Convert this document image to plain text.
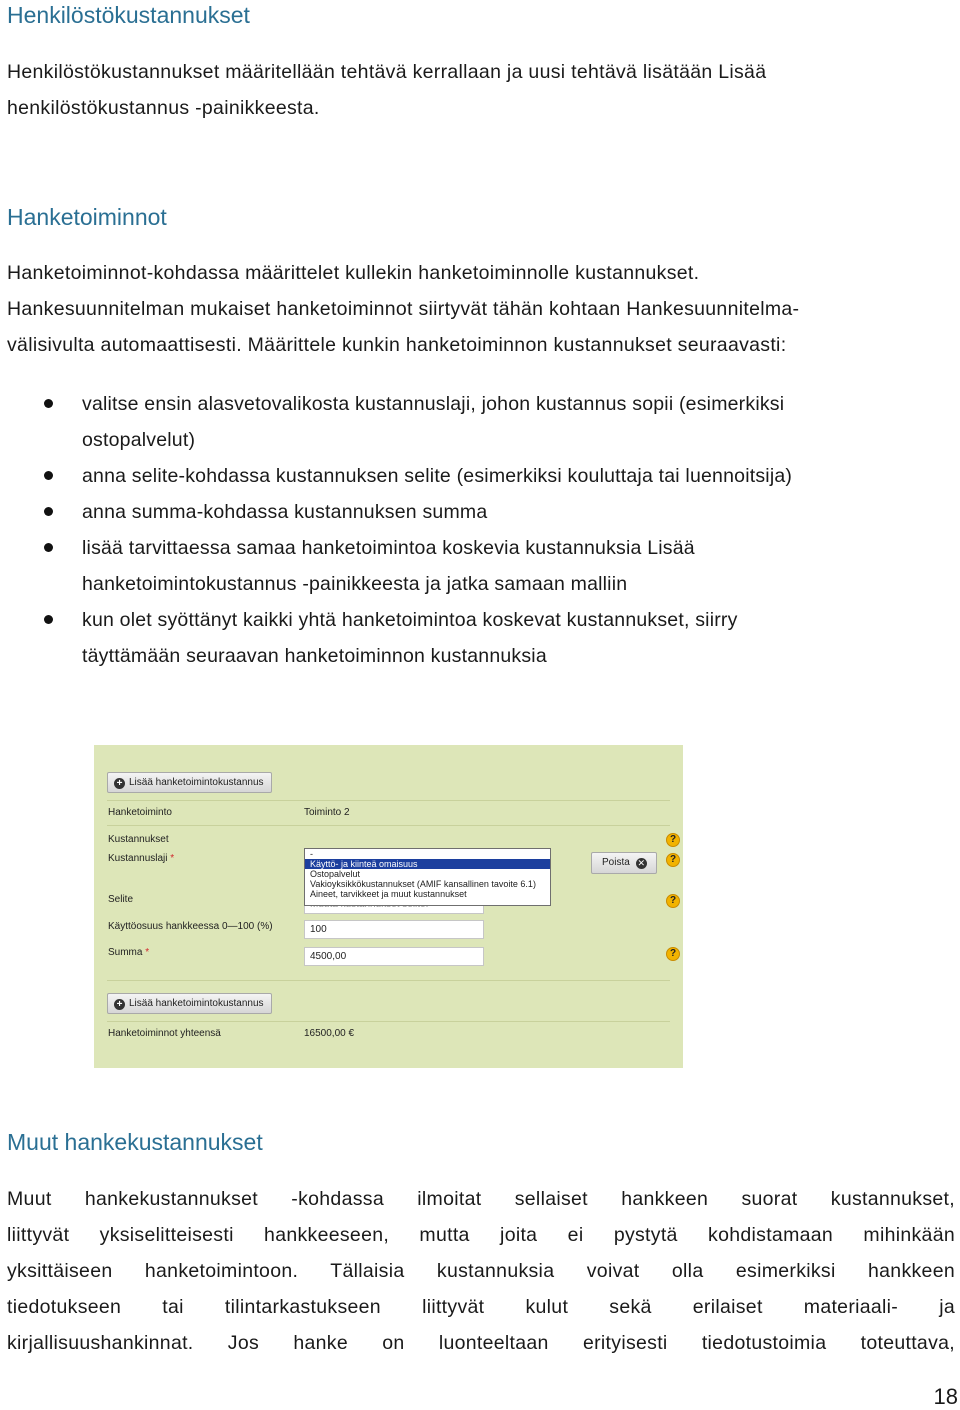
Henkilöstökustannukset
Henkilöstökustannukset määritellään tehtävä kerrallaan ja uusi tehtävä lisätään Lisää
henkilöstökustannus -painikkeesta.
Hanketoiminnot
Hanketoiminnot-kohdassa määrittelet kullekin hanketoiminnolle kustannukset.
Hankesuunnitelman mukaiset hanketoiminnot siirtyvät tähän kohtaan Hankesuunnitelma-
välisivulta automaattisesti. Määrittele kunkin hanketoiminnon kustannukset seuraavasti:
valitse ensin alasvetovalikosta kustannuslaji, johon kustannus sopii (esimerkiksi
ostopalvelut)
anna selite-kohdassa kustannuksen selite (esimerkiksi kouluttaja tai luennoitsija)
anna summa-kohdassa kustannuksen summa
lisää tarvittaessa samaa hanketoimintoa koskevia kustannuksia Lisää
hanketoimintokustannus -painikkeesta ja jatka samaan malliin
kun olet syöttänyt kaikki yhtä hanketoimintoa koskevat kustannukset, siirry
täyttämään seuraavan hanketoiminnon kustannuksia
+ Lisää hanketoimintokustannus
Hanketoiminto	Toiminto 2
Kustannukset	?
Kustannuslaji *	?
-
Käyttö- ja kiinteä omaisuus
Ostopalvelut
Vakioyksikkökustannukset (AMIF kansallinen tavoite 6.1)
Aineet, tarvikkeet ja muut kustannukset
Poista ✕
Selite	?
Käyttöosuus hankkeessa 0—100 (%)	100
Summa *	4500,00	?
+ Lisää hanketoimintokustannus
Hanketoiminnot yhteensä	16500,00 €
Muut hankekustannukset
Muut hankekustannukset -kohdassa ilmoitat sellaiset hankkeen suorat kustannukset,
liittyvät yksiselitteisesti hankkeeseen, mutta joita ei pystytä kohdistamaan mihinkään
yksittäiseen hanketoimintoon. Tällaisia kustannuksia voivat olla esimerkiksi hankkeen
tiedotukseen tai tilintarkastukseen liittyvät kulut sekä erilaiset materiaali- ja
kirjallisuushankinnat. Jos hanke on luonteeltaan erityisesti tiedotustoimia toteuttava,
18
